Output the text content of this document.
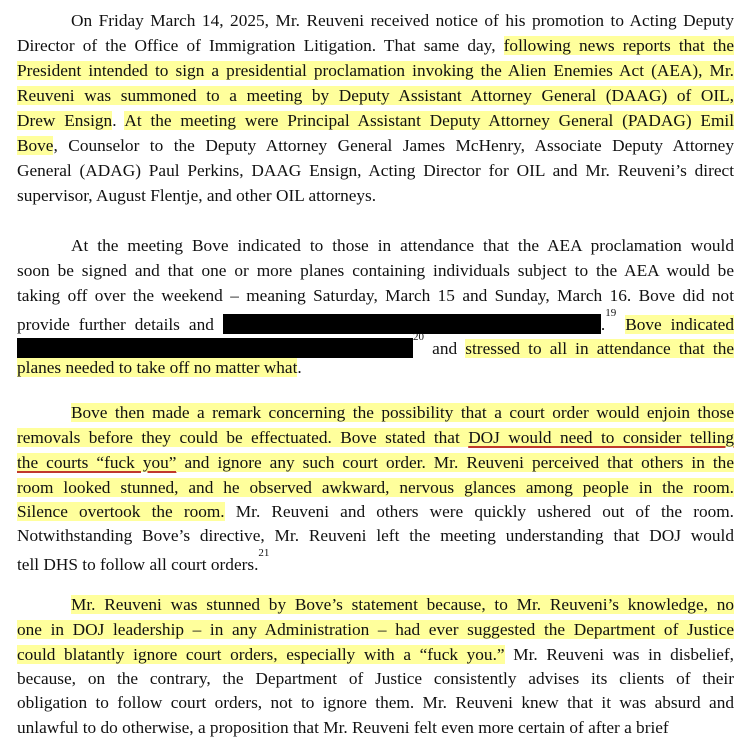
On Friday March 14, 2025, Mr. Reuveni received notice of his promotion to Acting Deputy
Director of the Office of Immigration Litigation. That same day, following news reports that the
President intended to sign a presidential proclamation invoking the Alien Enemies Act (AEA), Mr.
Reuveni was summoned to a meeting by Deputy Assistant Attorney General (DAAG) of OIL,
Drew Ensign. At the meeting were Principal Assistant Deputy Attorney General (PADAG) Emil
Bove, Counselor to the Deputy Attorney General James McHenry, Associate Deputy Attorney
General (ADAG) Paul Perkins, DAAG Ensign, Acting Director for OIL and Mr. Reuveni’s direct
supervisor, August Flentje, and other OIL attorneys.
At the meeting Bove indicated to those in attendance that the AEA proclamation would
soon be signed and that one or more planes containing individuals subject to the AEA would be
taking off over the weekend – meaning Saturday, March 15 and Sunday, March 16. Bove did not
provide further details and	.$^{19}$ Bove indicated
$^{20}$ and stressed to all in attendance that the
planes needed to take off no matter what.
Bove then made a remark concerning the possibility that a court order would enjoin those
removals before they could be effectuated. Bove stated that DOJ would need to consider telling
the courts “fuck you” and ignore any such court order. Mr. Reuveni perceived that others in the
room looked stunned, and he observed awkward, nervous glances among people in the room.
Silence overtook the room. Mr. Reuveni and others were quickly ushered out of the room.
Notwithstanding Bove’s directive, Mr. Reuveni left the meeting understanding that DOJ would
tell DHS to follow all court orders.$^{21}$
Mr. Reuveni was stunned by Bove’s statement because, to Mr. Reuveni’s knowledge, no
one in DOJ leadership – in any Administration – had ever suggested the Department of Justice
could blatantly ignore court orders, especially with a “fuck you.” Mr. Reuveni was in disbelief,
because, on the contrary, the Department of Justice consistently advises its clients of their
obligation to follow court orders, not to ignore them. Mr. Reuveni knew that it was absurd and
unlawful to do otherwise, a proposition that Mr. Reuveni felt even more certain of after a brief
